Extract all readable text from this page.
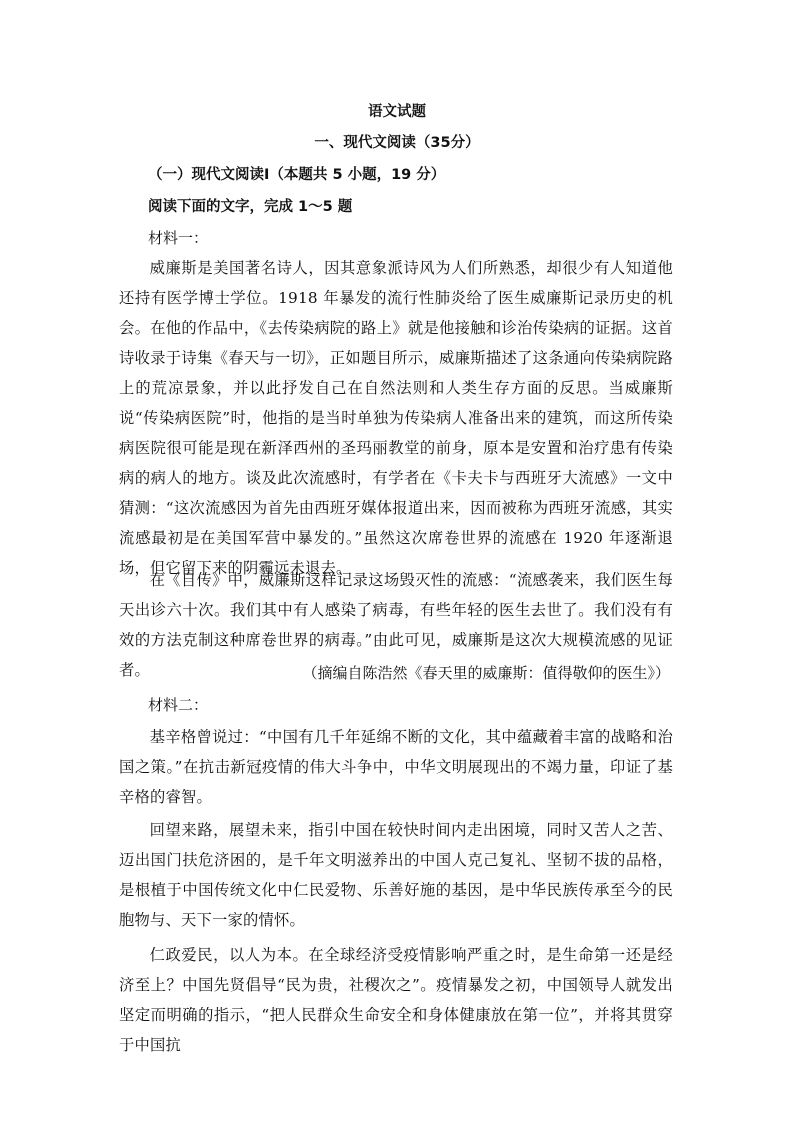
语文试题
一、现代文阅读（35分）
（一）现代文阅读Ⅰ（本题共 5 小题，19 分）
阅读下面的文字，完成 1～5 题
材料一：
威廉斯是美国著名诗人，因其意象派诗风为人们所熟悉，却很少有人知道他还持有医学博士学位。1918 年暴发的流行性肺炎给了医生威廉斯记录历史的机会。在他的作品中，《去传染病院的路上》就是他接触和诊治传染病的证据。这首诗收录于诗集《春天与一切》，正如题目所示，威廉斯描述了这条通向传染病院路上的荒凉景象，并以此抒发自己在自然法则和人类生存方面的反思。当威廉斯说“传染病医院”时，他指的是当时单独为传染病人准备出来的建筑，而这所传染病医院很可能是现在新泽西州的圣玛丽教堂的前身，原本是安置和治疗患有传染病的病人的地方。谈及此次流感时，有学者在《卡夫卡与西班牙大流感》一文中猜测：“这次流感因为首先由西班牙媒体报道出来，因而被称为西班牙流感，其实流感最初是在美国军营中暴发的。”虽然这次席卷世界的流感在 1920 年逐渐退场，但它留下来的阴霾远未退去。
在《自传》中，威廉斯这样记录这场毁灭性的流感：“流感袭来，我们医生每天出诊六十次。我们其中有人感染了病毒，有些年轻的医生去世了。我们没有有效的方法克制这种席卷世界的病毒。”由此可见，威廉斯是这次大规模流感的见证者。	（摘编自陈浩然《春天里的威廉斯：值得敬仰的医生》）
材料二：
基辛格曾说过：“中国有几千年延绵不断的文化，其中蕴藏着丰富的战略和治国之策。”在抗击新冠疫情的伟大斗争中，中华文明展现出的不竭力量，印证了基辛格的睿智。
回望来路，展望未来，指引中国在较快时间内走出困境，同时又苦人之苦、迈出国门扶危济困的，是千年文明滋养出的中国人克己复礼、坚韧不拔的品格，是根植于中国传统文化中仁民爱物、乐善好施的基因，是中华民族传承至今的民胞物与、天下一家的情怀。
仁政爱民，以人为本。在全球经济受疫情影响严重之时，是生命第一还是经济至上？中国先贤倡导“民为贵，社稷次之”。疫情暴发之初，中国领导人就发出坚定而明确的指示，“把人民群众生命安全和身体健康放在第一位”，并将其贯穿于中国抗
